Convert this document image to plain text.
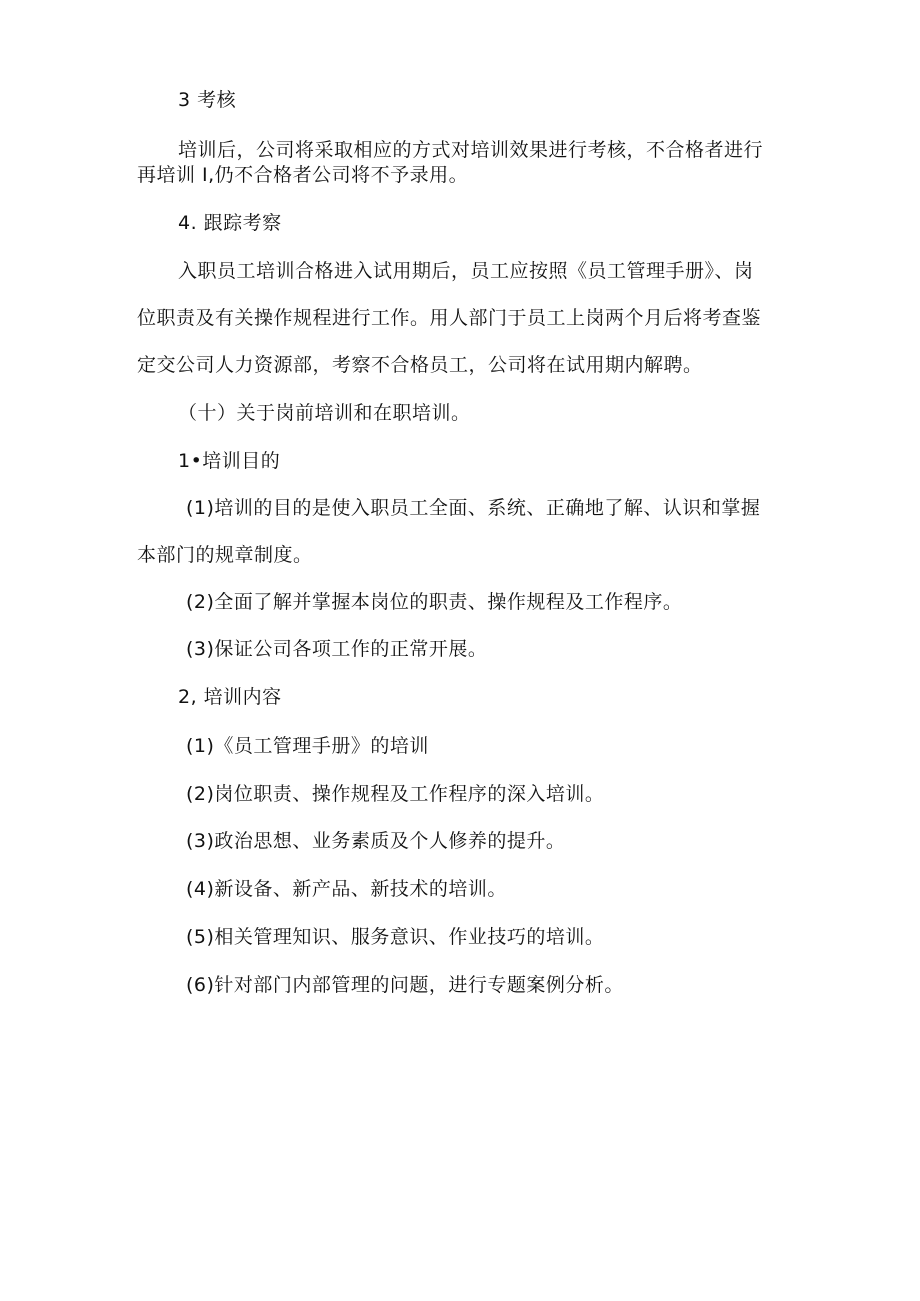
3 考核
培训后，公司将采取相应的方式对培训效果进行考核，不合格者进行
再培训 I,仍不合格者公司将不予录用。
4. 跟踪考察
入职员工培训合格进入试用期后，员工应按照《员工管理手册》、岗
位职责及有关操作规程进行工作。用人部门于员工上岗两个月后将考查鉴
定交公司人力资源部，考察不合格员工，公司将在试用期内解聘。
（十）关于岗前培训和在职培训。
1•培训目的
(1)培训的目的是使入职员工全面、系统、正确地了解、认识和掌握
本部门的规章制度。
(2)全面了解并掌握本岗位的职责、操作规程及工作程序。
(3)保证公司各项工作的正常开展。
2, 培训内容
(1)《员工管理手册》的培训
(2)岗位职责、操作规程及工作程序的深入培训。
(3)政治思想、业务素质及个人修养的提升。
(4)新设备、新产品、新技术的培训。
(5)相关管理知识、服务意识、作业技巧的培训。
(6)针对部门内部管理的问题，进行专题案例分析。
